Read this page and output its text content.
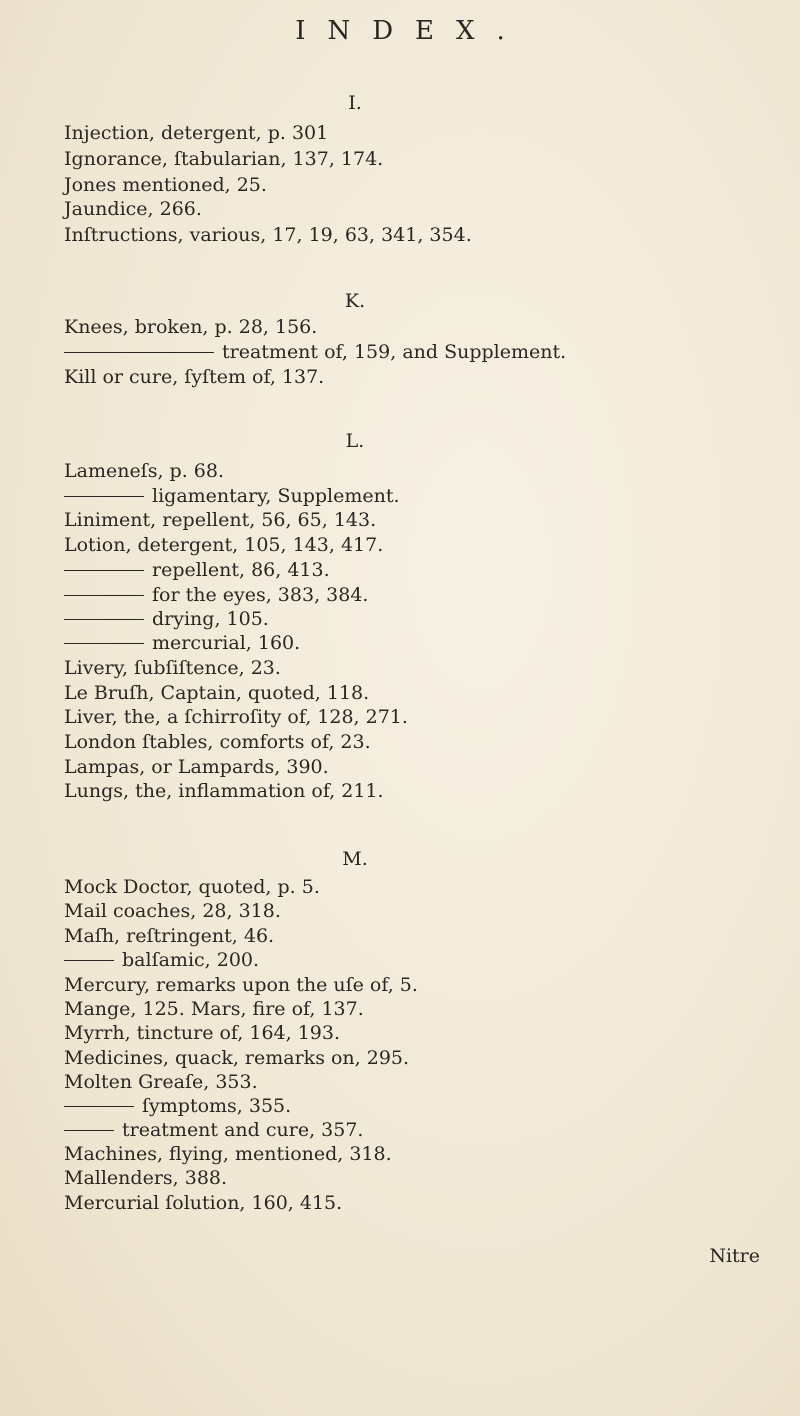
INDEX.
I.
Injection, detergent, p. 301
Ignorance, ſtabularian, 137, 174.
Jones mentioned, 25.
Jaundice, 266.
Inſtructions, various, 17, 19, 63, 341, 354.
K.
Knees, broken, p. 28, 156.
treatment of, 159, and Supplement.
Kill or cure, ſyſtem of, 137.
L.
Lameneſs, p. 68.
ligamentary, Supplement.
Liniment, repellent, 56, 65, 143.
Lotion, detergent, 105, 143, 417.
repellent, 86, 413.
for the eyes, 383, 384.
drying, 105.
mercurial, 160.
Livery, ſubſiſtence, 23.
Le Bruſh, Captain, quoted, 118.
Liver, the, a ſchirroſity of, 128, 271.
London ſtables, comforts of, 23.
Lampas, or Lampards, 390.
Lungs, the, inflammation of, 211.
M.
Mock Doctor, quoted, p. 5.
Mail coaches, 28, 318.
Maſh, reſtringent, 46.
balſamic, 200.
Mercury, remarks upon the uſe of, 5.
Mange, 125. Mars, fire of, 137.
Myrrh, tincture of, 164, 193.
Medicines, quack, remarks on, 295.
Molten Greaſe, 353.
ſymptoms, 355.
treatment and cure, 357.
Machines, flying, mentioned, 318.
Mallenders, 388.
Mercurial ſolution, 160, 415.
Nitre
